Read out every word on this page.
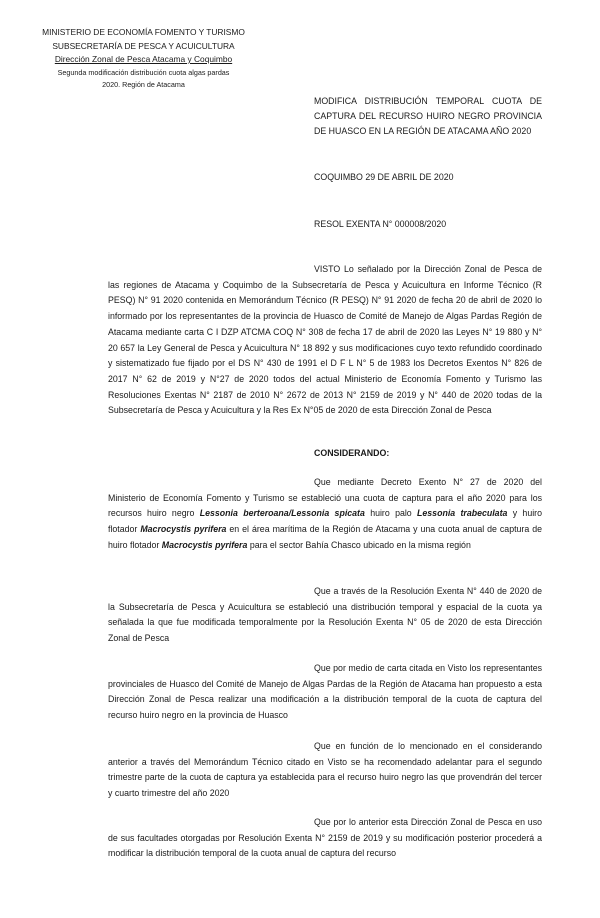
MINISTERIO DE ECONOMÍA FOMENTO Y TURISMO
SUBSECRETARÍA DE PESCA Y ACUICULTURA
Dirección Zonal de Pesca Atacama y Coquimbo
Segunda modificación distribución cuota algas pardas
2020. Región de Atacama
MODIFICA DISTRIBUCIÓN TEMPORAL CUOTA DE CAPTURA DEL RECURSO HUIRO NEGRO PROVINCIA DE HUASCO EN LA REGIÓN DE ATACAMA AÑO 2020
COQUIMBO 29 DE ABRIL DE 2020
RESOL EXENTA N° 000008/2020
VISTO Lo señalado por la Dirección Zonal de Pesca de las regiones de Atacama y Coquimbo de la Subsecretaría de Pesca y Acuicultura en Informe Técnico (R PESQ) N° 91 2020 contenida en Memorándum Técnico (R PESQ) N° 91 2020 de fecha 20 de abril de 2020 lo informado por los representantes de la provincia de Huasco de Comité de Manejo de Algas Pardas Región de Atacama mediante carta C I DZP ATCMA COQ N° 308 de fecha 17 de abril de 2020 las Leyes N° 19 880 y N° 20 657 la Ley General de Pesca y Acuicultura N° 18 892 y sus modificaciones cuyo texto refundido coordinado y sistematizado fue fijado por el DS N° 430 de 1991 el D F L N° 5 de 1983 los Decretos Exentos N° 826 de 2017 N° 62 de 2019 y N°27 de 2020 todos del actual Ministerio de Economía Fomento y Turismo las Resoluciones Exentas N° 2187 de 2010 N° 2672 de 2013 N° 2159 de 2019 y N° 440 de 2020 todas de la Subsecretaría de Pesca y Acuicultura y la Res Ex N°05 de 2020 de esta Dirección Zonal de Pesca
CONSIDERANDO:
Que mediante Decreto Exento N° 27 de 2020 del Ministerio de Economía Fomento y Turismo se estableció una cuota de captura para el año 2020 para los recursos huiro negro Lessonia berteroana/Lessonia spicata huiro palo Lessonia trabeculata y huiro flotador Macrocystis pyrifera en el área marítima de la Región de Atacama y una cuota anual de captura de huiro flotador Macrocystis pyrifera para el sector Bahía Chasco ubicado en la misma región
Que a través de la Resolución Exenta N° 440 de 2020 de la Subsecretaría de Pesca y Acuicultura se estableció una distribución temporal y espacial de la cuota ya señalada la que fue modificada temporalmente por la Resolución Exenta N° 05 de 2020 de esta Dirección Zonal de Pesca
Que por medio de carta citada en Visto los representantes provinciales de Huasco del Comité de Manejo de Algas Pardas de la Región de Atacama han propuesto a esta Dirección Zonal de Pesca realizar una modificación a la distribución temporal de la cuota de captura del recurso huiro negro en la provincia de Huasco
Que en función de lo mencionado en el considerando anterior a través del Memorándum Técnico citado en Visto se ha recomendado adelantar para el segundo trimestre parte de la cuota de captura ya establecida para el recurso huiro negro las que provendrán del tercer y cuarto trimestre del año 2020
Que por lo anterior esta Dirección Zonal de Pesca en uso de sus facultades otorgadas por Resolución Exenta N° 2159 de 2019 y su modificación posterior procederá a modificar la distribución temporal de la cuota anual de captura del recurso
